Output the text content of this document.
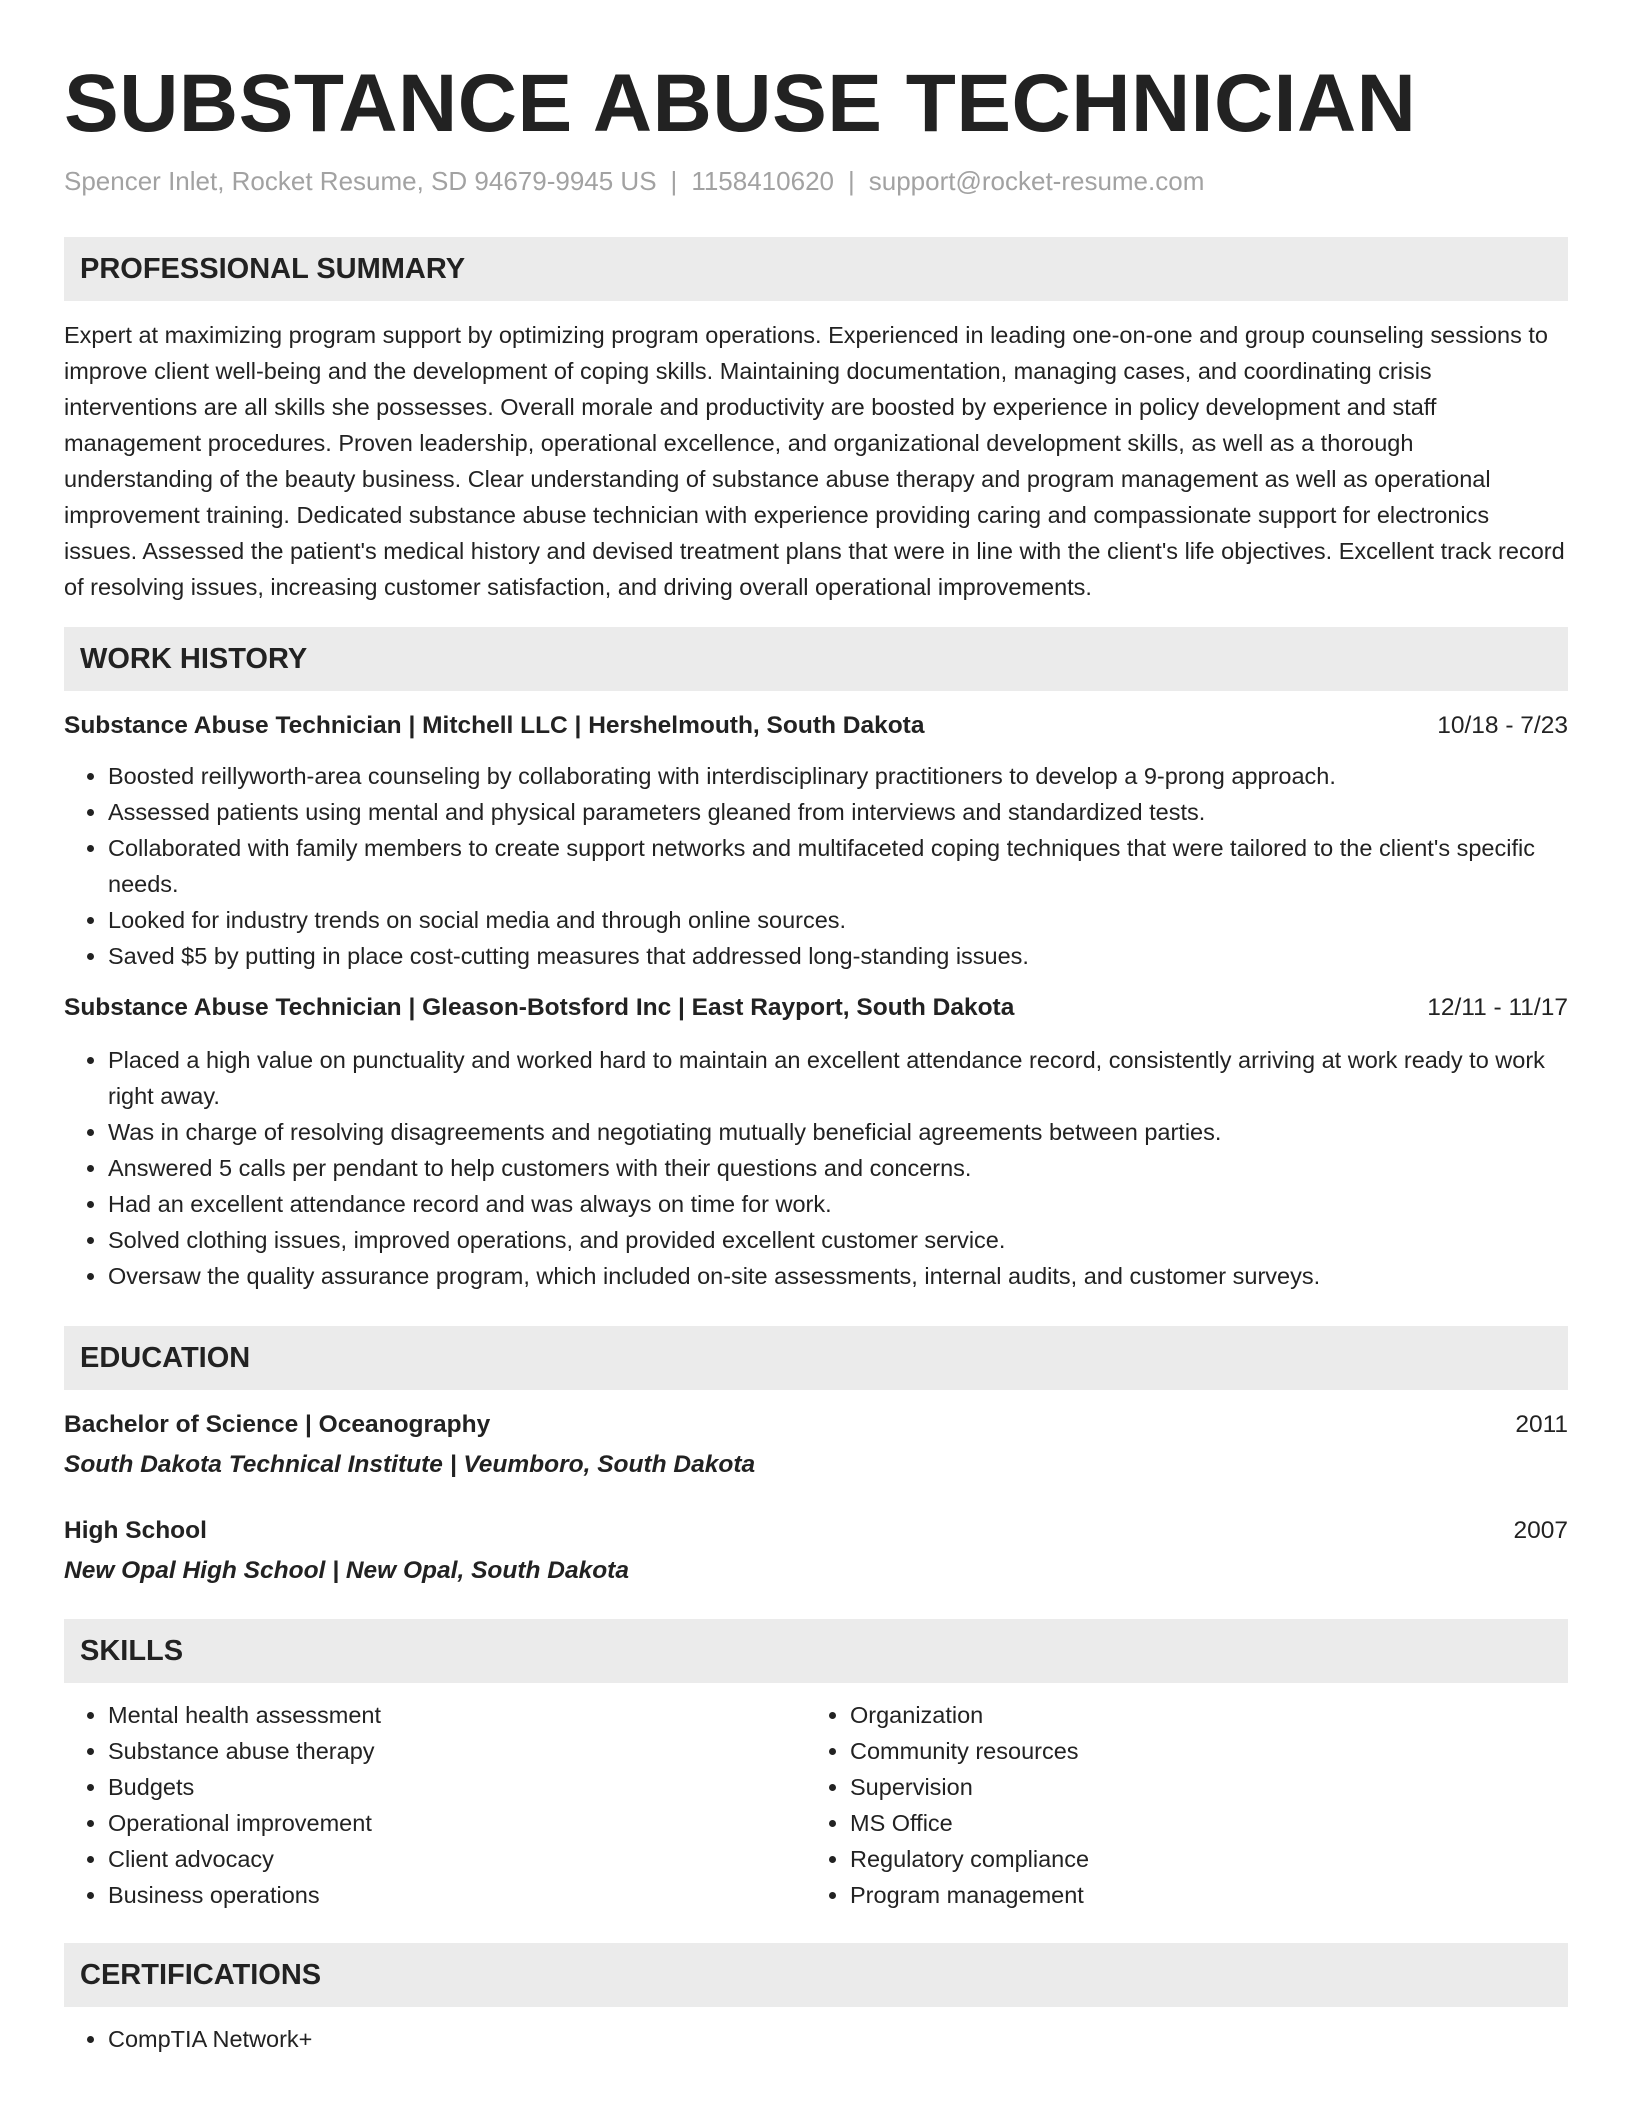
SUBSTANCE ABUSE TECHNICIAN
Spencer Inlet, Rocket Resume, SD 94679-9945 US | 1158410620 | support@rocket-resume.com
PROFESSIONAL SUMMARY

Expert at maximizing program support by optimizing program operations. Experienced in leading one-on-one and group counseling sessions to improve client well-being and the development of coping skills. Maintaining documentation, managing cases, and coordinating crisis interventions are all skills she possesses. Overall morale and productivity are boosted by experience in policy development and staff management procedures. Proven leadership, operational excellence, and organizational development skills, as well as a thorough understanding of the beauty business. Clear understanding of substance abuse therapy and program management as well as operational improvement training. Dedicated substance abuse technician with experience providing caring and compassionate support for electronics issues. Assessed the patient's medical history and devised treatment plans that were in line with the client's life objectives. Excellent track record of resolving issues, increasing customer satisfaction, and driving overall operational improvements.

WORK HISTORY
Substance Abuse Technician | Mitchell LLC | Hershelmouth, South Dakota	10/18 - 7/23
• Boosted reillyworth-area counseling by collaborating with interdisciplinary practitioners to develop a 9-prong approach.
• Assessed patients using mental and physical parameters gleaned from interviews and standardized tests.
• Collaborated with family members to create support networks and multifaceted coping techniques that were tailored to the client's specific needs.
• Looked for industry trends on social media and through online sources.
• Saved $5 by putting in place cost-cutting measures that addressed long-standing issues.
Substance Abuse Technician | Gleason-Botsford Inc | East Rayport, South Dakota	12/11 - 11/17
• Placed a high value on punctuality and worked hard to maintain an excellent attendance record, consistently arriving at work ready to work right away.
• Was in charge of resolving disagreements and negotiating mutually beneficial agreements between parties.
• Answered 5 calls per pendant to help customers with their questions and concerns.
• Had an excellent attendance record and was always on time for work.
• Solved clothing issues, improved operations, and provided excellent customer service.
• Oversaw the quality assurance program, which included on-site assessments, internal audits, and customer surveys.
EDUCATION
Bachelor of Science | Oceanography	2011
South Dakota Technical Institute | Veumboro, South Dakota
High School	2007
New Opal High School | New Opal, South Dakota
SKILLS
• Mental health assessment
• Substance abuse therapy
• Budgets
• Operational improvement
• Client advocacy
• Business operations
• Organization
• Community resources
• Supervision
• MS Office
• Regulatory compliance
• Program management
CERTIFICATIONS
• CompTIA Network+
